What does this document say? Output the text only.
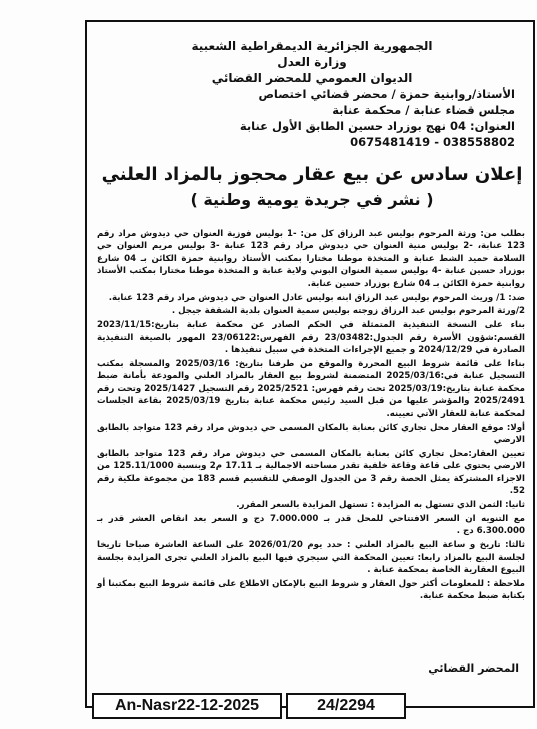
الجمهورية الجزائرية الديمقراطية الشعبية
وزارة العدل
الديوان العمومي للمحضر القضائي
الأستاذ/روابنية حمزة / محضر قضائي اختصاص
مجلس قضاء عنابة / محكمة عنابة
العنوان: 04 نهج بوزراد حسين الطابق الأول عنابة
0675481419 - 038558802
إعلان سادس عن بيع عقار محجوز بالمزاد العلني
( نشر في جريدة يومية وطنية )

بطلب من: ورثة المرحوم بوليس عبد الرزاق كل من: -1 بوليس فوزية العنوان حي ديدوش مراد رقم 123 عنابة، -2 بوليس منية العنوان حي ديدوش مراد رقم 123 عنابة -3 بوليس مريم العنوان حي السلامة حميد الشط عنابة و المتخذة موطنا مختارا بمكتب الأستاذ روابنية حمزة الكائن بـ 04 شارع بوزراد حسين عنابة -4 بوليس سمية العنوان البوني ولاية عنابة و المتخذة موطنا مختارا بمكتب الأستاذ روابنية حمزة الكائن بـ 04 شارع بوزراد حسين عنابة.

ضد: 1/ وريث المرحوم بوليس عبد الرزاق ابنه بوليس عادل العنوان حي ديدوش مراد رقم 123 عنابة.

2/ورثة المرحوم بوليس عبد الرزاق زوجته بوليس سمية العنوان بلدية الشقفة جيجل .

بناء على النسخة التنفيذية المتمثلة في الحكم الصادر عن محكمة عنابة بتاريخ:2023/11/15 القسم:شؤون الأسرة رقم الجدول:23/03482 رقم الفهرس:23/06122 المهور بالصيغة التنفيذية الصادرة في 2024/12/29 و جميع الإجراءات المتخذة في سبيل تنفيذها .

بناءا على قائمة شروط البيع المحررة والموقع من طرفنا بتاريخ: 2025/03/16 والمسجلة بمكتب التسجيل عنابة في:2025/03/16 المتضمنة لشروط بيع العقار بالمزاد العلني والمودعة بأمانة ضبط محكمة عنابة بتاريخ:2025/03/19 تحت رقم فهرس: 2025/2521 رقم التسجيل 2025/1427 وتحت رقم 2025/2491 والمؤشر عليها من قبل السيد رئيس محكمة عنابة بتاريخ 2025/03/19 بقاعة الجلسات لمحكمة عنابة للعقار الآتي تعيينه.

أولا: موقع العقار محل تجاري كائن بعنابة بالمكان المسمى حي ديدوش مراد رقم 123 متواجد بالطابق الارضي

تعيين العقار:محل تجاري كائن بعنابة بالمكان المسمى حي ديدوش مراد رقم 123 متواجد بالطابق الارضي يحتوي على قاعة وقاعة خلفية تقدر مساحته الاجمالية بـ 17.11 م2 وبنسبة 125.11/1000 من الاجزاء المشتركة يمثل الحصة رقم 3 من الجدول الوصفي للتقسيم قسم 183 من مجموعة ملكية رقم 52.

ثانيا: الثمن الذي تستهل به المزايدة : تستهل المزايدة بالسعر المقرر.

مع التنويه ان السعر الافتتاحي للمحل قدر بـ 7.000.000 دج و السعر بعد انقاص العشر قدر بـ 6.300.000 دج .

ثالثا: تاريخ و ساعة البيع بالمزاد العلني : حدد يوم 2026/01/20 على الساعة العاشرة صباحا تاريخا لجلسة البيع بالمزاد رابعا: تعيين المحكمة التي سيجري فيها البيع بالمزاد العلني تجرى المزايدة بجلسة البيوع العقارية الخاصة بمحكمة عنابة .

ملاحظة : للمعلومات أكثر حول العقار و شروط البيع بالإمكان الاطلاع على قائمة شروط البيع بمكتبنا أو بكتابة ضبط محكمة عنابة.

المحضر القضائي
An-Nasr22-12-2025	24/2294
